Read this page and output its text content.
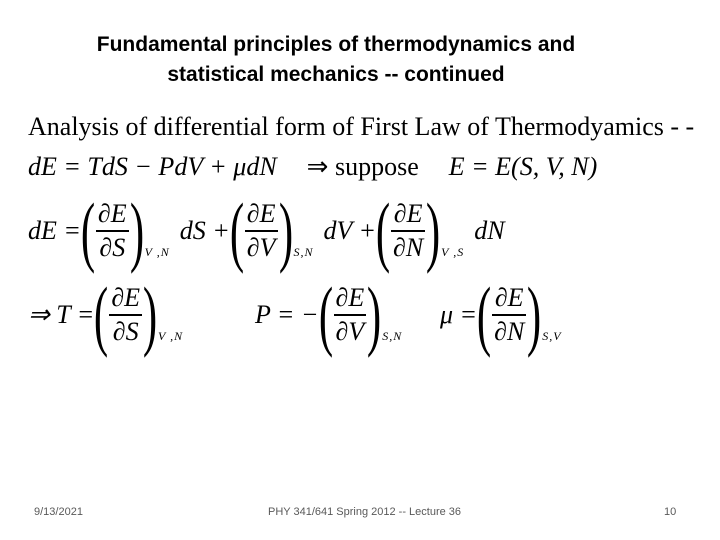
Fundamental principles of thermodynamics and
statistical mechanics -- continued
Analysis of differential form of First Law of Thermodyamics - -
dE = TdS − PdV + μdN ⇒ suppose E = E(S, V, N)
dE = ( $\frac{\partial E}{\partial S}$ ) V ,N
dS + ( $\frac{\partial E}{\partial V}$ ) S,N
dV + ( $\frac{\partial E}{\partial N}$ ) V ,S
dN
⇒ T = ( $\frac{\partial E}{\partial S}$ ) V ,N
P = − ( $\frac{\partial E}{\partial V}$ ) S,N
μ = ( $\frac{\partial E}{\partial N}$ ) S,V
9/13/2021	PHY 341/641 Spring 2012 -- Lecture 36	10
